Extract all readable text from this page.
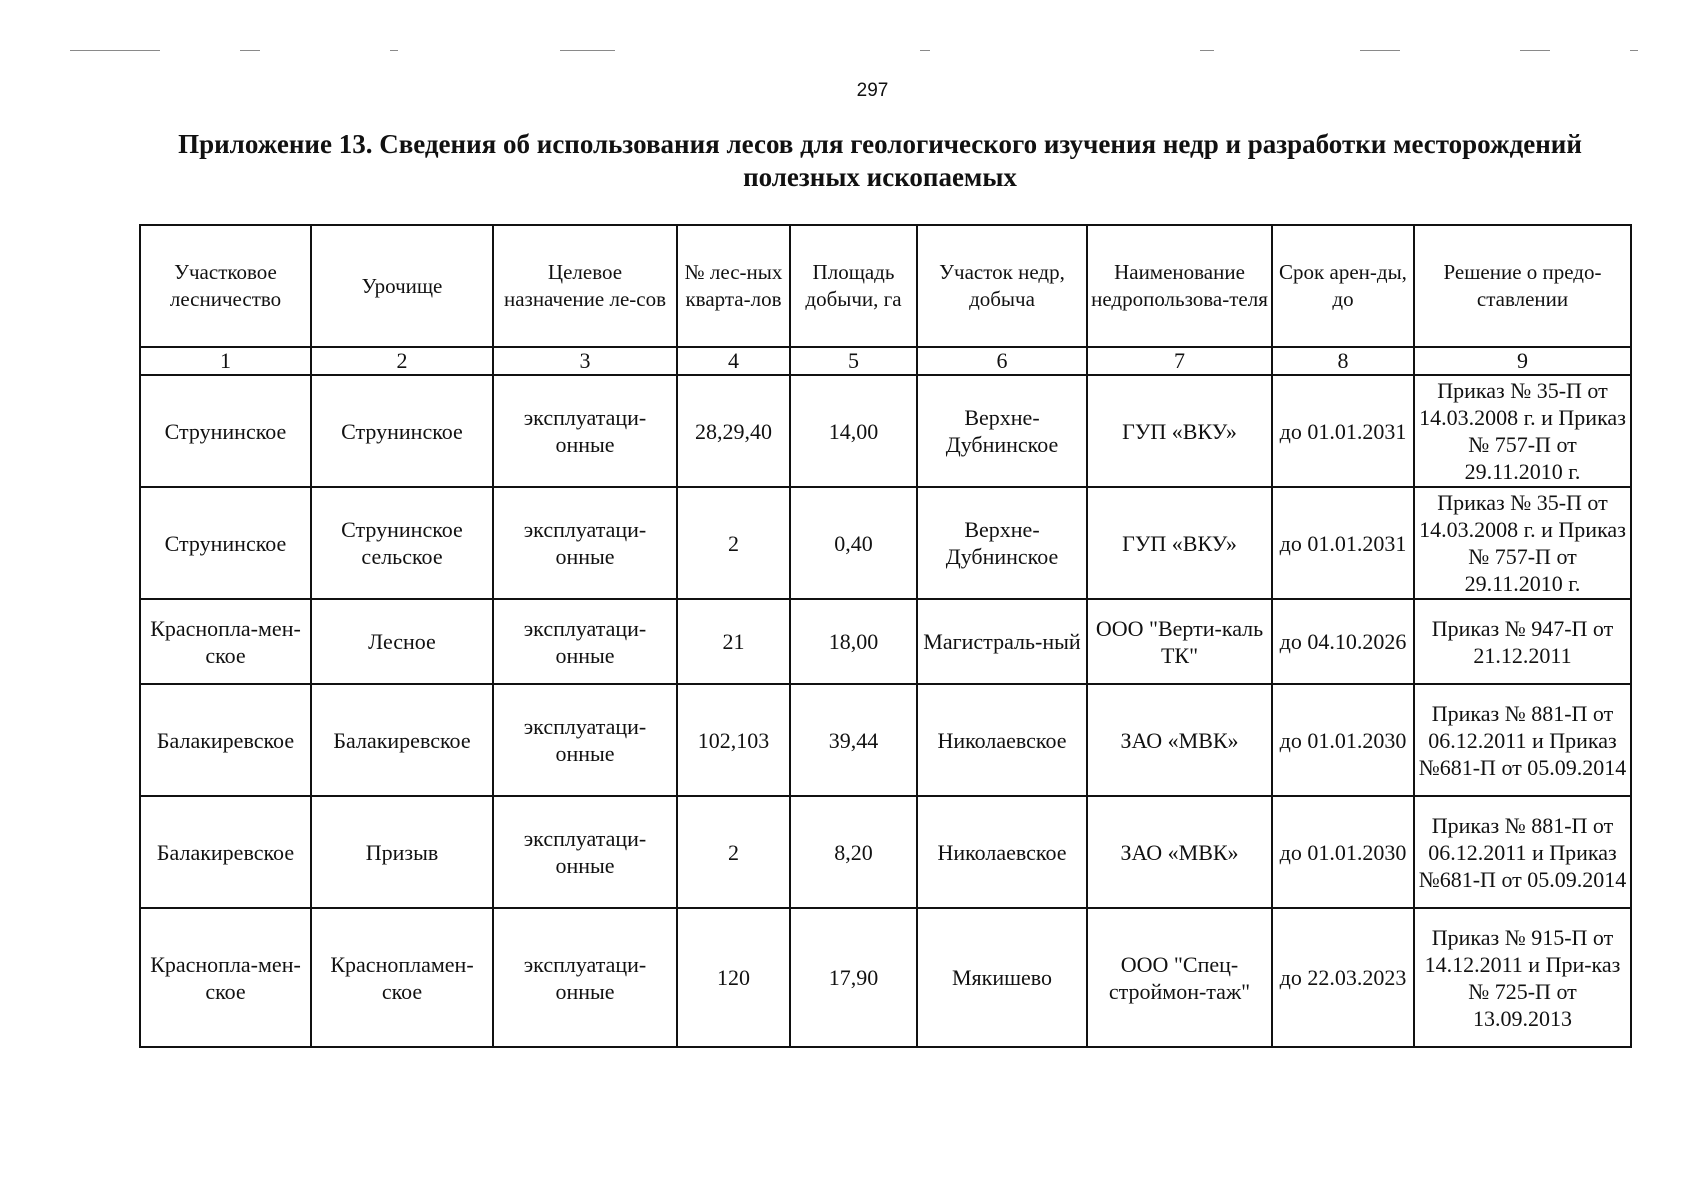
297
Приложение 13. Сведения об использования лесов для геологического изучения недр и разработки месторождений полезных ископаемых
Участковое лесничество	Урочище	Целевое назначение ле-сов	№ лес-ных кварта-лов	Площадь добычи, га	Участок недр, добыча	Наименование недропользова-теля	Срок арен-ды, до	Решение о предо-ставлении
1	2	3	4	5	6	7	8	9
Струнинское	Струнинское	эксплуатаци-онные	28,29,40	14,00	Верхне-Дубнинское	ГУП «ВКУ»	до 01.01.2031	Приказ № 35-П от 14.03.2008 г. и Приказ № 757-П от 29.11.2010 г.
Струнинское	Струнинское сельское	эксплуатаци-онные	2	0,40	Верхне-Дубнинское	ГУП «ВКУ»	до 01.01.2031	Приказ № 35-П от 14.03.2008 г. и Приказ № 757-П от 29.11.2010 г.
Краснопла-мен-ское	Лесное	эксплуатаци-онные	21	18,00	Магистраль-ный	ООО "Верти-каль ТК"	до 04.10.2026	Приказ № 947-П от 21.12.2011
Балакиревское	Балакиревское	эксплуатаци-онные	102,103	39,44	Николаевское	ЗАО «МВК»	до 01.01.2030	Приказ № 881-П от 06.12.2011 и Приказ №681-П от 05.09.2014
Балакиревское	Призыв	эксплуатаци-онные	2	8,20	Николаевское	ЗАО «МВК»	до 01.01.2030	Приказ № 881-П от 06.12.2011 и Приказ №681-П от 05.09.2014
Краснопла-мен-ское	Краснопламен-ское	эксплуатаци-онные	120	17,90	Мякишево	ООО "Спец-строймон-таж"	до 22.03.2023	Приказ № 915-П от 14.12.2011 и При-каз № 725-П от 13.09.2013
